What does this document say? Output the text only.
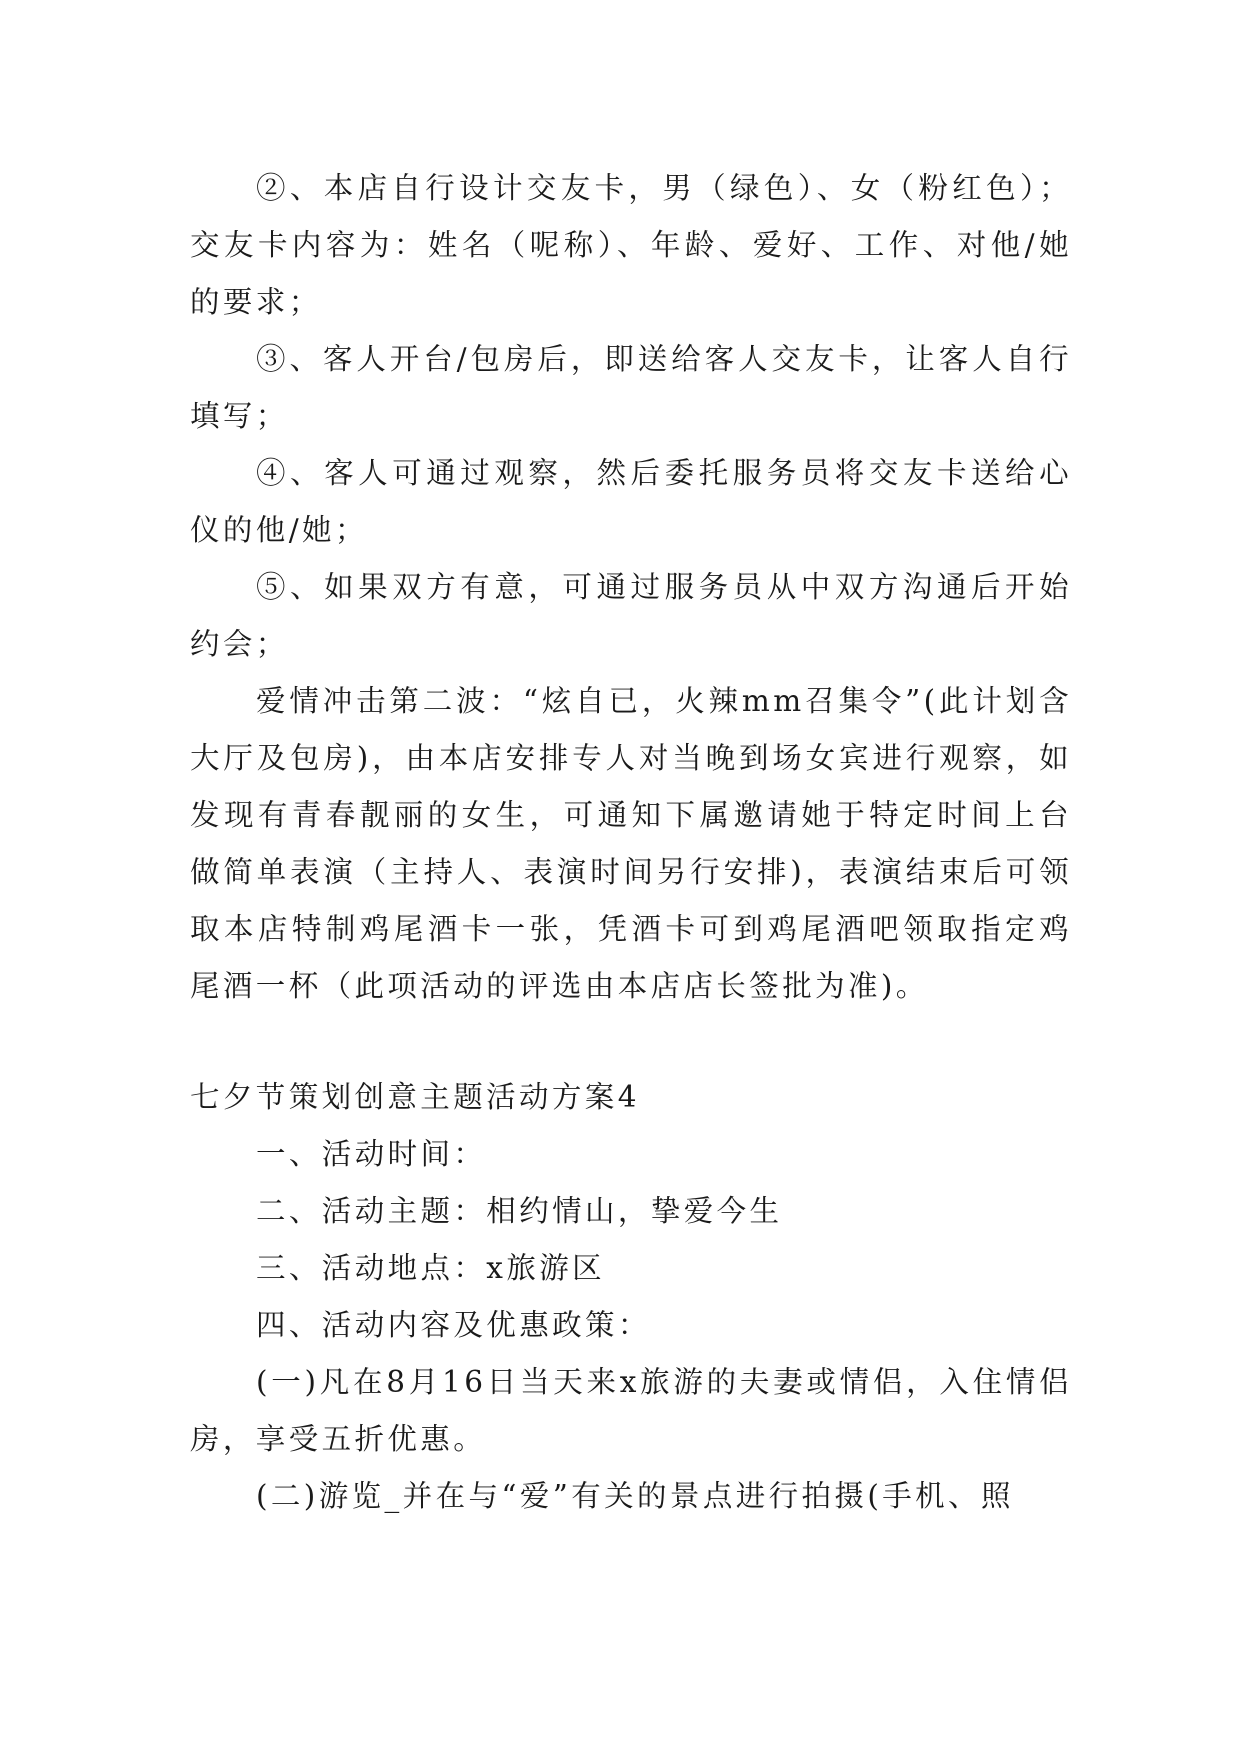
②、本店自行设计交友卡，男（绿色）、女（粉红色）；交友卡内容为：姓名（呢称）、年龄、爱好、工作、对他/她的要求；

③、客人开台/包房后，即送给客人交友卡，让客人自行填写；

④、客人可通过观察，然后委托服务员将交友卡送给心仪的他/她；

⑤、如果双方有意，可通过服务员从中双方沟通后开始约会；

爱情冲击第二波：“炫自已，火辣mm召集令”(此计划含大厅及包房)，由本店安排专人对当晚到场女宾进行观察，如发现有青春靓丽的女生，可通知下属邀请她于特定时间上台做简单表演（主持人、表演时间另行安排)，表演结束后可领取本店特制鸡尾酒卡一张，凭酒卡可到鸡尾酒吧领取指定鸡尾酒一杯（此项活动的评选由本店店长签批为准)。

七夕节策划创意主题活动方案4

一、活动时间：

二、活动主题：相约情山，挚爱今生

三、活动地点：x旅游区

四、活动内容及优惠政策：

(一)凡在8月16日当天来x旅游的夫妻或情侣，入住情侣房，享受五折优惠。

(二)游览_并在与“爱”有关的景点进行拍摄(手机、照
